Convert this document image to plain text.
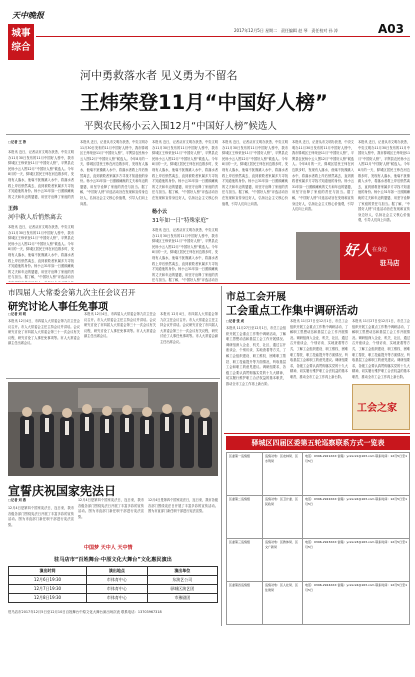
天中晚报
城事
综合
2017年12月5日 星期二 责任编辑 赵 琴 责任校对 孙 涛	A03
河中勇救落水者 见义勇为不留名
王炜荣登11月“中国好人榜”
平舆农民杨小云入围12月“中国好人榜”候选人
□记者 王 涛
本报讯 近日，记者从市文明办获悉，中央文明办11月30日发布的11月中国好人榜中，我市驿城区王炜荣登11月“中国好人榜”，平舆县农民杨小云入围12月“中国好人榜”候选人。今年8月的一天，驿城区居民王炜在河边散步时，发现有人落水，他毫不犹豫跳入水中，将落水者救上岸后悄然离去，直到被救者家属多方寻找才知道他的身份。杨小云31年如一日照顾瘫痪的丈夫和年迈的婆婆，用坚守诠释了家庭的责
王炜
河中救人后悄然离去
本报讯 近日，记者从市文明办获悉，中央文明办11月30日发布的11月中国好人榜中，我市驿城区王炜荣登11月“中国好人榜”，平舆县农民杨小云入围12月“中国好人榜”候选人。今年8月的一天，驿城区居民王炜在河边散步时，发现有人落水，他毫不犹豫跳入水中，将落水者救上岸后悄然离去，直到被救者家属多方寻找才知道他的身份。杨小云31年如一日照顾瘫痪的丈夫和年迈的婆婆，用坚守诠释了家庭的责任与担当。据了解，“中国好人榜”评选活动旨
本报讯 近日，记者从市文明办获悉，中央文明办11月30日发布的11月中国好人榜中，我市驿城区王炜荣登11月“中国好人榜”，平舆县农民杨小云入围12月“中国好人榜”候选人。今年8月的一天，驿城区居民王炜在河边散步时，发现有人落水，他毫不犹豫跳入水中，将落水者救上岸后悄然离去，直到被救者家属多方寻找才知道他的身份。杨小云31年如一日照顾瘫痪的丈夫和年迈的婆婆，用坚守诠释了家庭的责任与担当。据了解，“中国好人榜”评选活动旨在发现和宣传身边好人，弘扬社会主义核心价值观，引导人们向上向善。
本报讯 近日，记者从市文明办获悉，中央文明办11月30日发布的11月中国好人榜中，我市驿城区王炜荣登11月“中国好人榜”，平舆县农民杨小云入围12月“中国好人榜”候选人。今年8月的一天，驿城区居民王炜在河边散步时，发现有人落水，他毫不犹豫跳入水中，将落水者救上岸后悄然离去，直到被救者家属多方寻找才知道他的身份。杨小云31年如一日照顾瘫痪的丈夫和年迈的婆婆，用坚守诠释了家庭的责任与担当。据了解，“中国好人榜”评选活动旨在发现和宣传身边好人，弘扬社会主义核心价
杨小云
31年如一日“特殊家庭”
本报讯 近日，记者从市文明办获悉，中央文明办11月30日发布的11月中国好人榜中，我市驿城区王炜荣登11月“中国好人榜”，平舆县农民杨小云入围12月“中国好人榜”候选人。今年8月的一天，驿城区居民王炜在河边散步时，发现有人落水，他毫不犹豫跳入水中，将落水者救上岸后悄然离去，直到被救者家属多方寻找才知道他的身份。杨小云31年如一日照顾瘫痪的丈夫和年迈的婆婆，用坚守诠释了家庭的责任与担当。据了解，“中国好人榜”评选活动旨
本报讯 近日，记者从市文明办获悉，中央文明办11月30日发布的11月中国好人榜中，我市驿城区王炜荣登11月“中国好人榜”，平舆县农民杨小云入围12月“中国好人榜”候选人。今年8月的一天，驿城区居民王炜在河边散步时，发现有人落水，他毫不犹豫跳入水中，将落水者救上岸后悄然离去，直到被救者家属多方寻找才知道他的身份。杨小云31年如一日照顾瘫痪的丈夫和年迈的婆婆，用坚守诠释了家庭的责任与担当。据了解，“中国好人榜”评选活动旨在发现和宣传身边好人，弘扬社会主义核心价值观，引导人们向上向善。
本报讯 近日，记者从市文明办获悉，中央文明办11月30日发布的11月中国好人榜中，我市驿城区王炜荣登11月“中国好人榜”，平舆县农民杨小云入围12月“中国好人榜”候选人。今年8月的一天，驿城区居民王炜在河边散步时，发现有人落水，他毫不犹豫跳入水中，将落水者救上岸后悄然离去，直到被救者家属多方寻找才知道他的身份。杨小云31年如一日照顾瘫痪的丈夫和年迈的婆婆，用坚守诠释了家庭的责任与担当。据了解，“中国好人榜”评选活动旨在发现和宣传身边好人，弘扬社会主义核心价值观，引导人们向上向善。
本报讯 近日，记者从市文明办获悉，中央文明办11月30日发布的11月中国好人榜中，我市驿城区王炜荣登11月“中国好人榜”，平舆县农民杨小云入围12月“中国好人榜”候选人。今年8月的一天，驿城区居民王炜在河边散步时，发现有人落水，他毫不犹豫跳入水中，将落水者救上岸后悄然离去，直到被救者家属多方寻找才知道他的身份。杨小云31年如一日照顾瘫痪的丈夫和年迈的婆婆，用坚守诠释了家庭的责任与担当。据了解，“中国好人榜”评选活动旨在发现和宣传身边好人，弘扬社会主义核心价值观，引导人们向上向善。
好人 在身边
驻马店
市四届人大常委会第九次主任会议召开
研究讨论人事任免事项
□记者 刘 明
本报讯 12月4日，市四届人大常委会第九次主任会议召开。市人大常委会主任主持会议并讲话。会议研究讨论了市四届人大常委会第三十一次会议有关议程，研究讨论了人事任免事项等。市人大常委会副主任出席会议。
本报讯 12月4日，市四届人大常委会第九次主任会议召开。市人大常委会主任主持会议并讲话。会议研究讨论了市四届人大常委会第三十一次会议有关议程，研究讨论了人事任免事项等。市人大常委会副主任出席会议。
本报讯 12月4日，市四届人大常委会第九次主任会议召开。市人大常委会主任主持会议并讲话。会议研究讨论了市四届人大常委会第三十一次会议有关议程，研究讨论了人事任免事项等。市人大常委会副主任出席会议。
宣誓庆祝国家宪法日
□记者 刘 燕
12月4日是第四个国家宪法日，连日来，我市各级各部门围绕宪法日开展了丰富多彩的宣传活动。图为市直部门新任职干部进行宪法宣誓。
12月4日是第四个国家宪法日，连日来，我市各级各部门围绕宪法日开展了丰富多彩的宣传活动。图为市直部门新任职干部进行宪法宣誓。
12月4日是第四个国家宪法日，连日来，我市各级各部门围绕宪法日开展了丰富多彩的宣传活动。图为市直部门新任职干部进行宪法宣誓。
中国梦 天中人 天中情
驻马店市“百姓舞台·中原文化大舞台”文化惠民演出
演出时间	演出地点	演出单位
12月6日19:30	市体育中心	东演艺公司
12月7日19:30	市体育中心	驿城区演艺团
12月8日19:30	市体育中心	市豫剧团
驻马店市2017年12月5日至12月10日百姓舞台中原文化大舞台演出场次表 联系电话：13703967318
市总工会开展
工会重点工作集中调研活动
□记者 张 成
本报讯 11月27日至12月1日，市总工会组织开展工会重点工作集中调研活动，了解职工思想动态和基层工会工作开展情况。调研组深入企业、机关、社区，通过召开座谈会、个别访谈、实地查看等方式，了解工会组织建设、职工维权、困难职工帮扶、职工技能提升等方面情况，听取基层工会和职工的意见建议。调研组要求，各级工会要认真贯彻落实党的十九大精神，切实履行维护职工合法权益的基本职责，推动全市工会工作再上新台阶。
本报讯 11月27日至12月1日，市总工会组织开展工会重点工作集中调研活动，了解职工思想动态和基层工会工作开展情况。调研组深入企业、机关、社区，通过召开座谈会、个别访谈、实地查看等方式，了解工会组织建设、职工维权、困难职工帮扶、职工技能提升等方面情况，听取基层工会和职工的意见建议。调研组要求，各级工会要认真贯彻落实党的十九大精神，切实履行维护职工合法权益的基本职责，推动全市工会工作再上新台阶。
本报讯 11月27日至12月1日，市总工会组织开展工会重点工作集中调研活动，了解职工思想动态和基层工会工作开展情况。调研组深入企业、机关、社区，通过召开座谈会、个别访谈、实地查看等方式，了解工会组织建设、职工维权、困难职工帮扶、职工技能提升等方面情况，听取基层工会和职工的意见建议。调研组要求，各级工会要认真贯彻落实党的十九大精神，切实履行维护职工合法权益的基本职责，推动全市工会工作再上新台阶。
工会之家
驿城区四届区委第五轮巡察联系方式一览表
区委第一巡察组	巡察对象：区农林局、区水利局	电话：0396-2921XXX 信箱：yczxcz1@163.com 联系时间：12月5日至1月5日
区委第二巡察组	巡察对象：区卫计委、区民政局	电话：0396-2922XXX 信箱：yczxcz2@163.com 联系时间：12月5日至1月5日
区委第三巡察组	巡察对象：区教体局、区文广新局	电话：0396-2923XXX 信箱：yczxcz3@163.com 联系时间：12月5日至1月5日
区委第四巡察组	巡察对象：区人社局、区住建局	电话：0396-2924XXX 信箱：yczxcz4@163.com 联系时间：12月5日至1月5日
